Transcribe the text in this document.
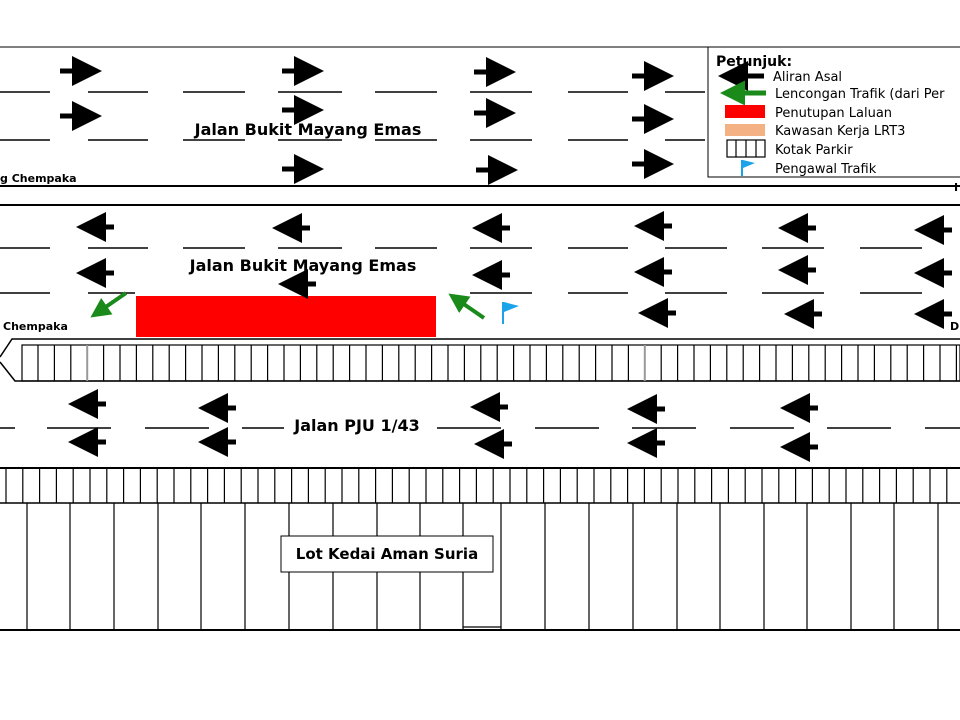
Jalan Bukit Mayang Emas
g Chempaka
I
Jalan Bukit Mayang Emas
Chempaka	D
Jalan PJU 1/43
Lot Kedai Aman Suria
Petunjuk:
Aliran Asal
Lencongan Trafik (dari Per
Penutupan Laluan
Kawasan Kerja LRT3
Kotak Parkir
Pengawal Trafik
